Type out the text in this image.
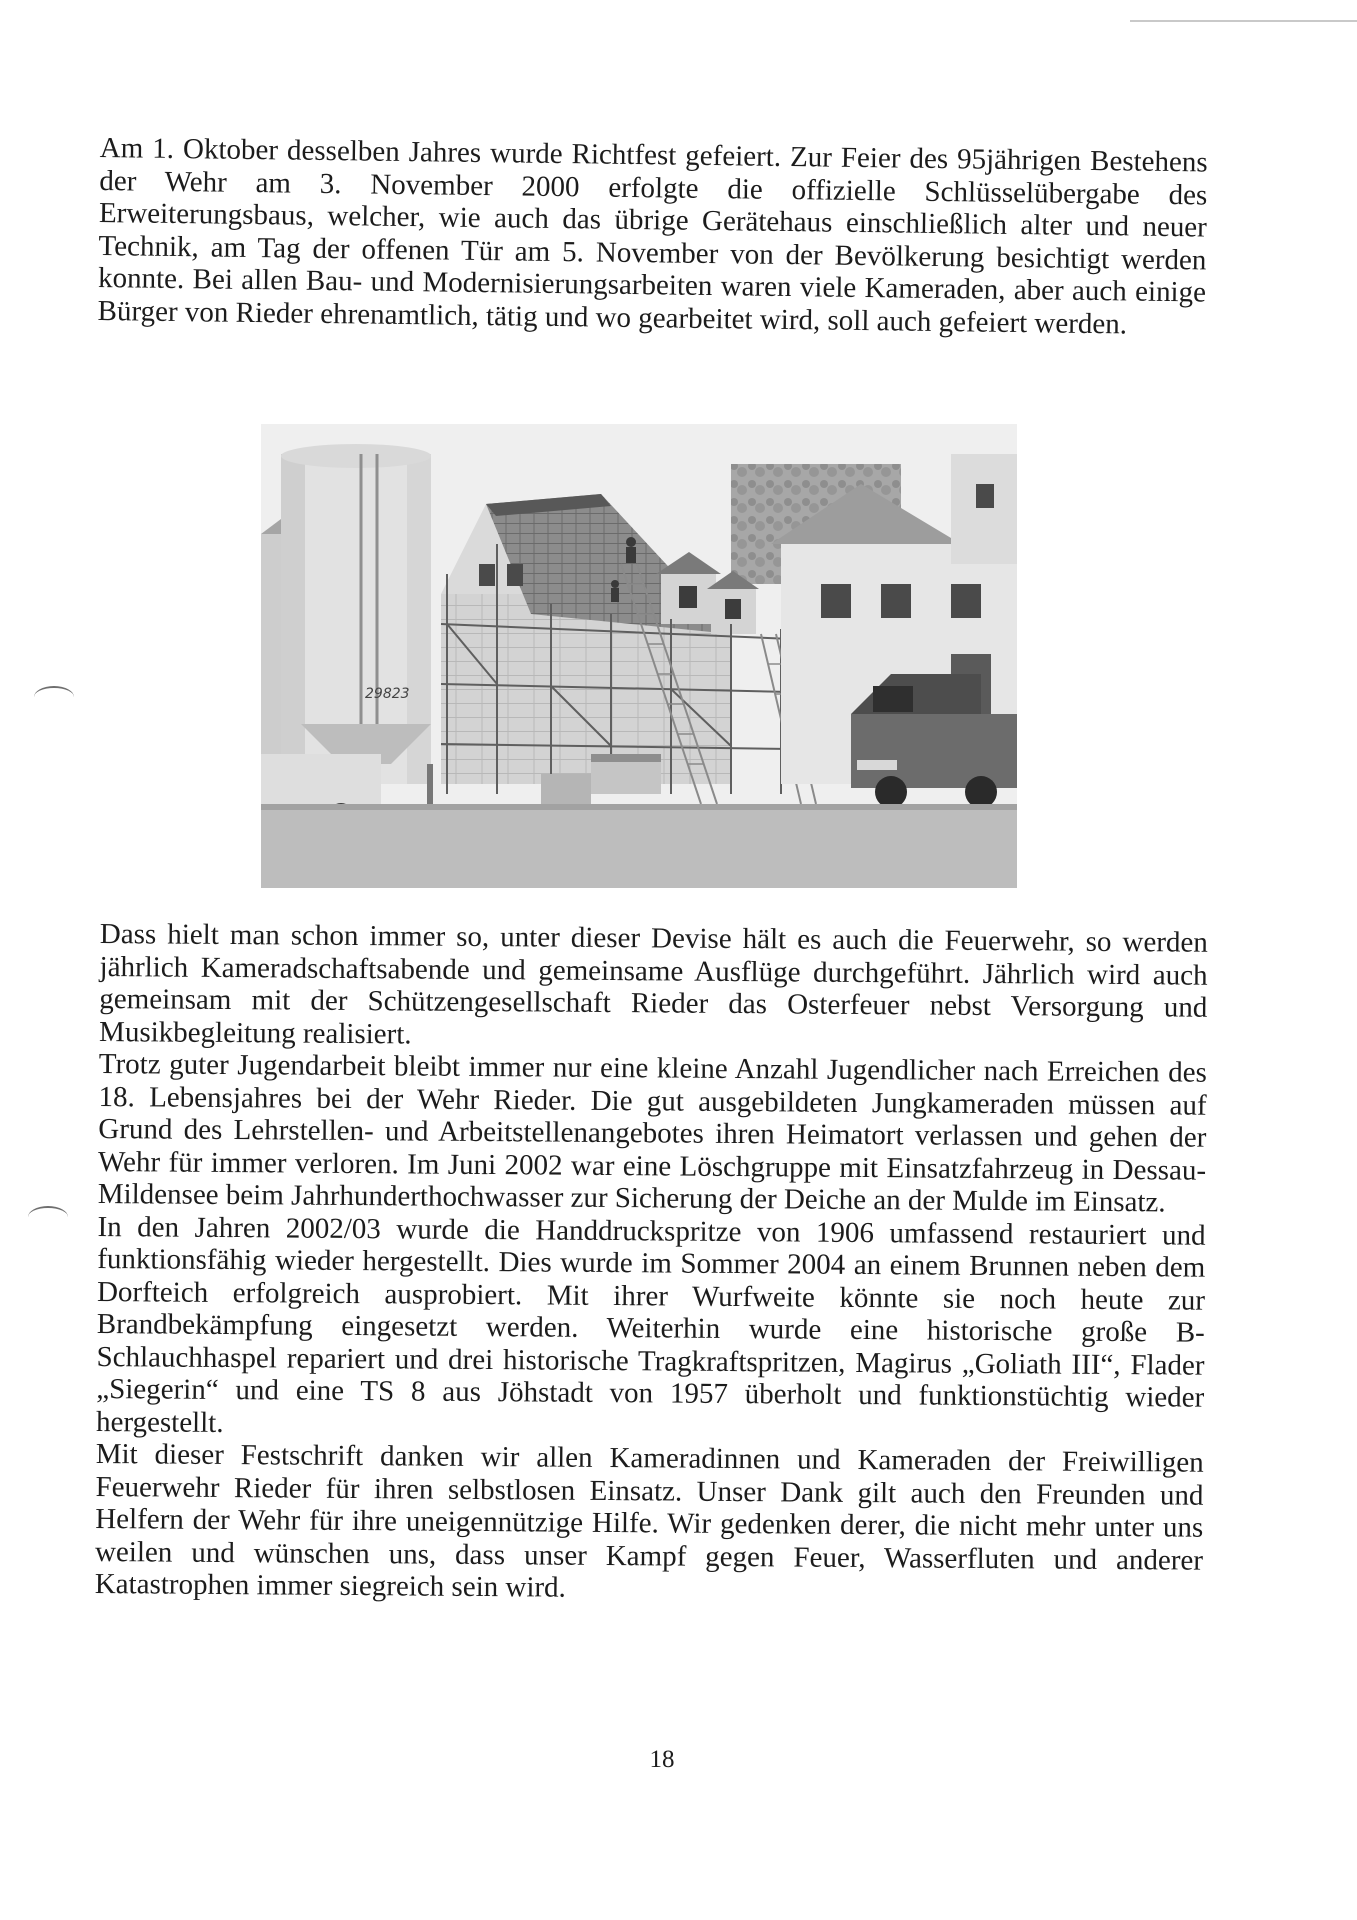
Am 1. Oktober desselben Jahres wurde Richtfest gefeiert. Zur Feier des 95jährigen Bestehens der Wehr am 3. November 2000 erfolgte die offizielle Schlüsselübergabe des Erweiterungsbaus, welcher, wie auch das übrige Gerätehaus einschließlich alter und neuer Technik, am Tag der offenen Tür am 5. November von der Bevölkerung besichtigt werden konnte. Bei allen Bau- und Modernisierungsarbeiten waren viele Kameraden, aber auch einige Bürger von Rieder ehrenamtlich, tätig und wo gearbeitet wird, soll auch gefeiert werden.

29823

Dass hielt man schon immer so, unter dieser Devise hält es auch die Feuerwehr, so werden jährlich Kameradschaftsabende und gemeinsame Ausflüge durchgeführt. Jährlich wird auch gemeinsam mit der Schützengesellschaft Rieder das Osterfeuer nebst Versorgung und Musikbegleitung realisiert.

Trotz guter Jugendarbeit bleibt immer nur eine kleine Anzahl Jugendlicher nach Erreichen des 18. Lebensjahres bei der Wehr Rieder. Die gut ausgebildeten Jungkameraden müssen auf Grund des Lehrstellen- und Arbeitstellenangebotes ihren Heimatort verlassen und gehen der Wehr für immer verloren. Im Juni 2002 war eine Löschgruppe mit Einsatzfahrzeug in Dessau-Mildensee beim Jahrhunderthochwasser zur Sicherung der Deiche an der Mulde im Einsatz.

In den Jahren 2002/03 wurde die Handdruckspritze von 1906 umfassend restauriert und funktionsfähig wieder hergestellt. Dies wurde im Sommer 2004 an einem Brunnen neben dem Dorfteich erfolgreich ausprobiert. Mit ihrer Wurfweite könnte sie noch heute zur Brandbekämpfung eingesetzt werden. Weiterhin wurde eine historische große B-Schlauchhaspel repariert und drei historische Tragkraftspritzen, Magirus „Goliath III“, Flader „Siegerin“ und eine TS 8 aus Jöhstadt von 1957 überholt und funktionstüchtig wieder hergestellt.

Mit dieser Festschrift danken wir allen Kameradinnen und Kameraden der Freiwilligen Feuerwehr Rieder für ihren selbstlosen Einsatz. Unser Dank gilt auch den Freunden und Helfern der Wehr für ihre uneigennützige Hilfe. Wir gedenken derer, die nicht mehr unter uns weilen und wünschen uns, dass unser Kampf gegen Feuer, Wasserfluten und anderer Katastrophen immer siegreich sein wird.

18
